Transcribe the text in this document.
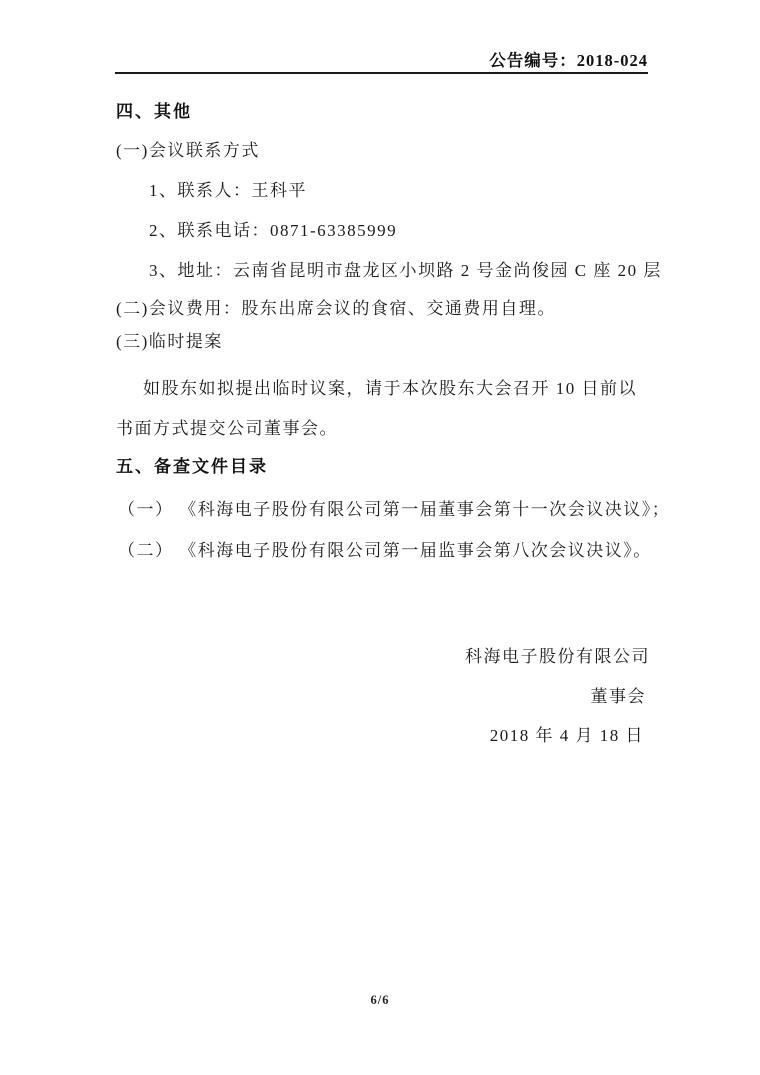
公告编号：2018-024
四、其他
(一)会议联系方式
1、联系人：王科平
2、联系电话：0871-63385999
3、地址：云南省昆明市盘龙区小坝路 2 号金尚俊园 C 座 20 层
(二)会议费用：股东出席会议的食宿、交通费用自理。
(三)临时提案
如股东如拟提出临时议案，请于本次股东大会召开 10 日前以
书面方式提交公司董事会。
五、备查文件目录
（一） 《科海电子股份有限公司第一届董事会第十一次会议决议》；
（二） 《科海电子股份有限公司第一届监事会第八次会议决议》。
科海电子股份有限公司
董事会
2018 年 4 月 18 日
6/6
